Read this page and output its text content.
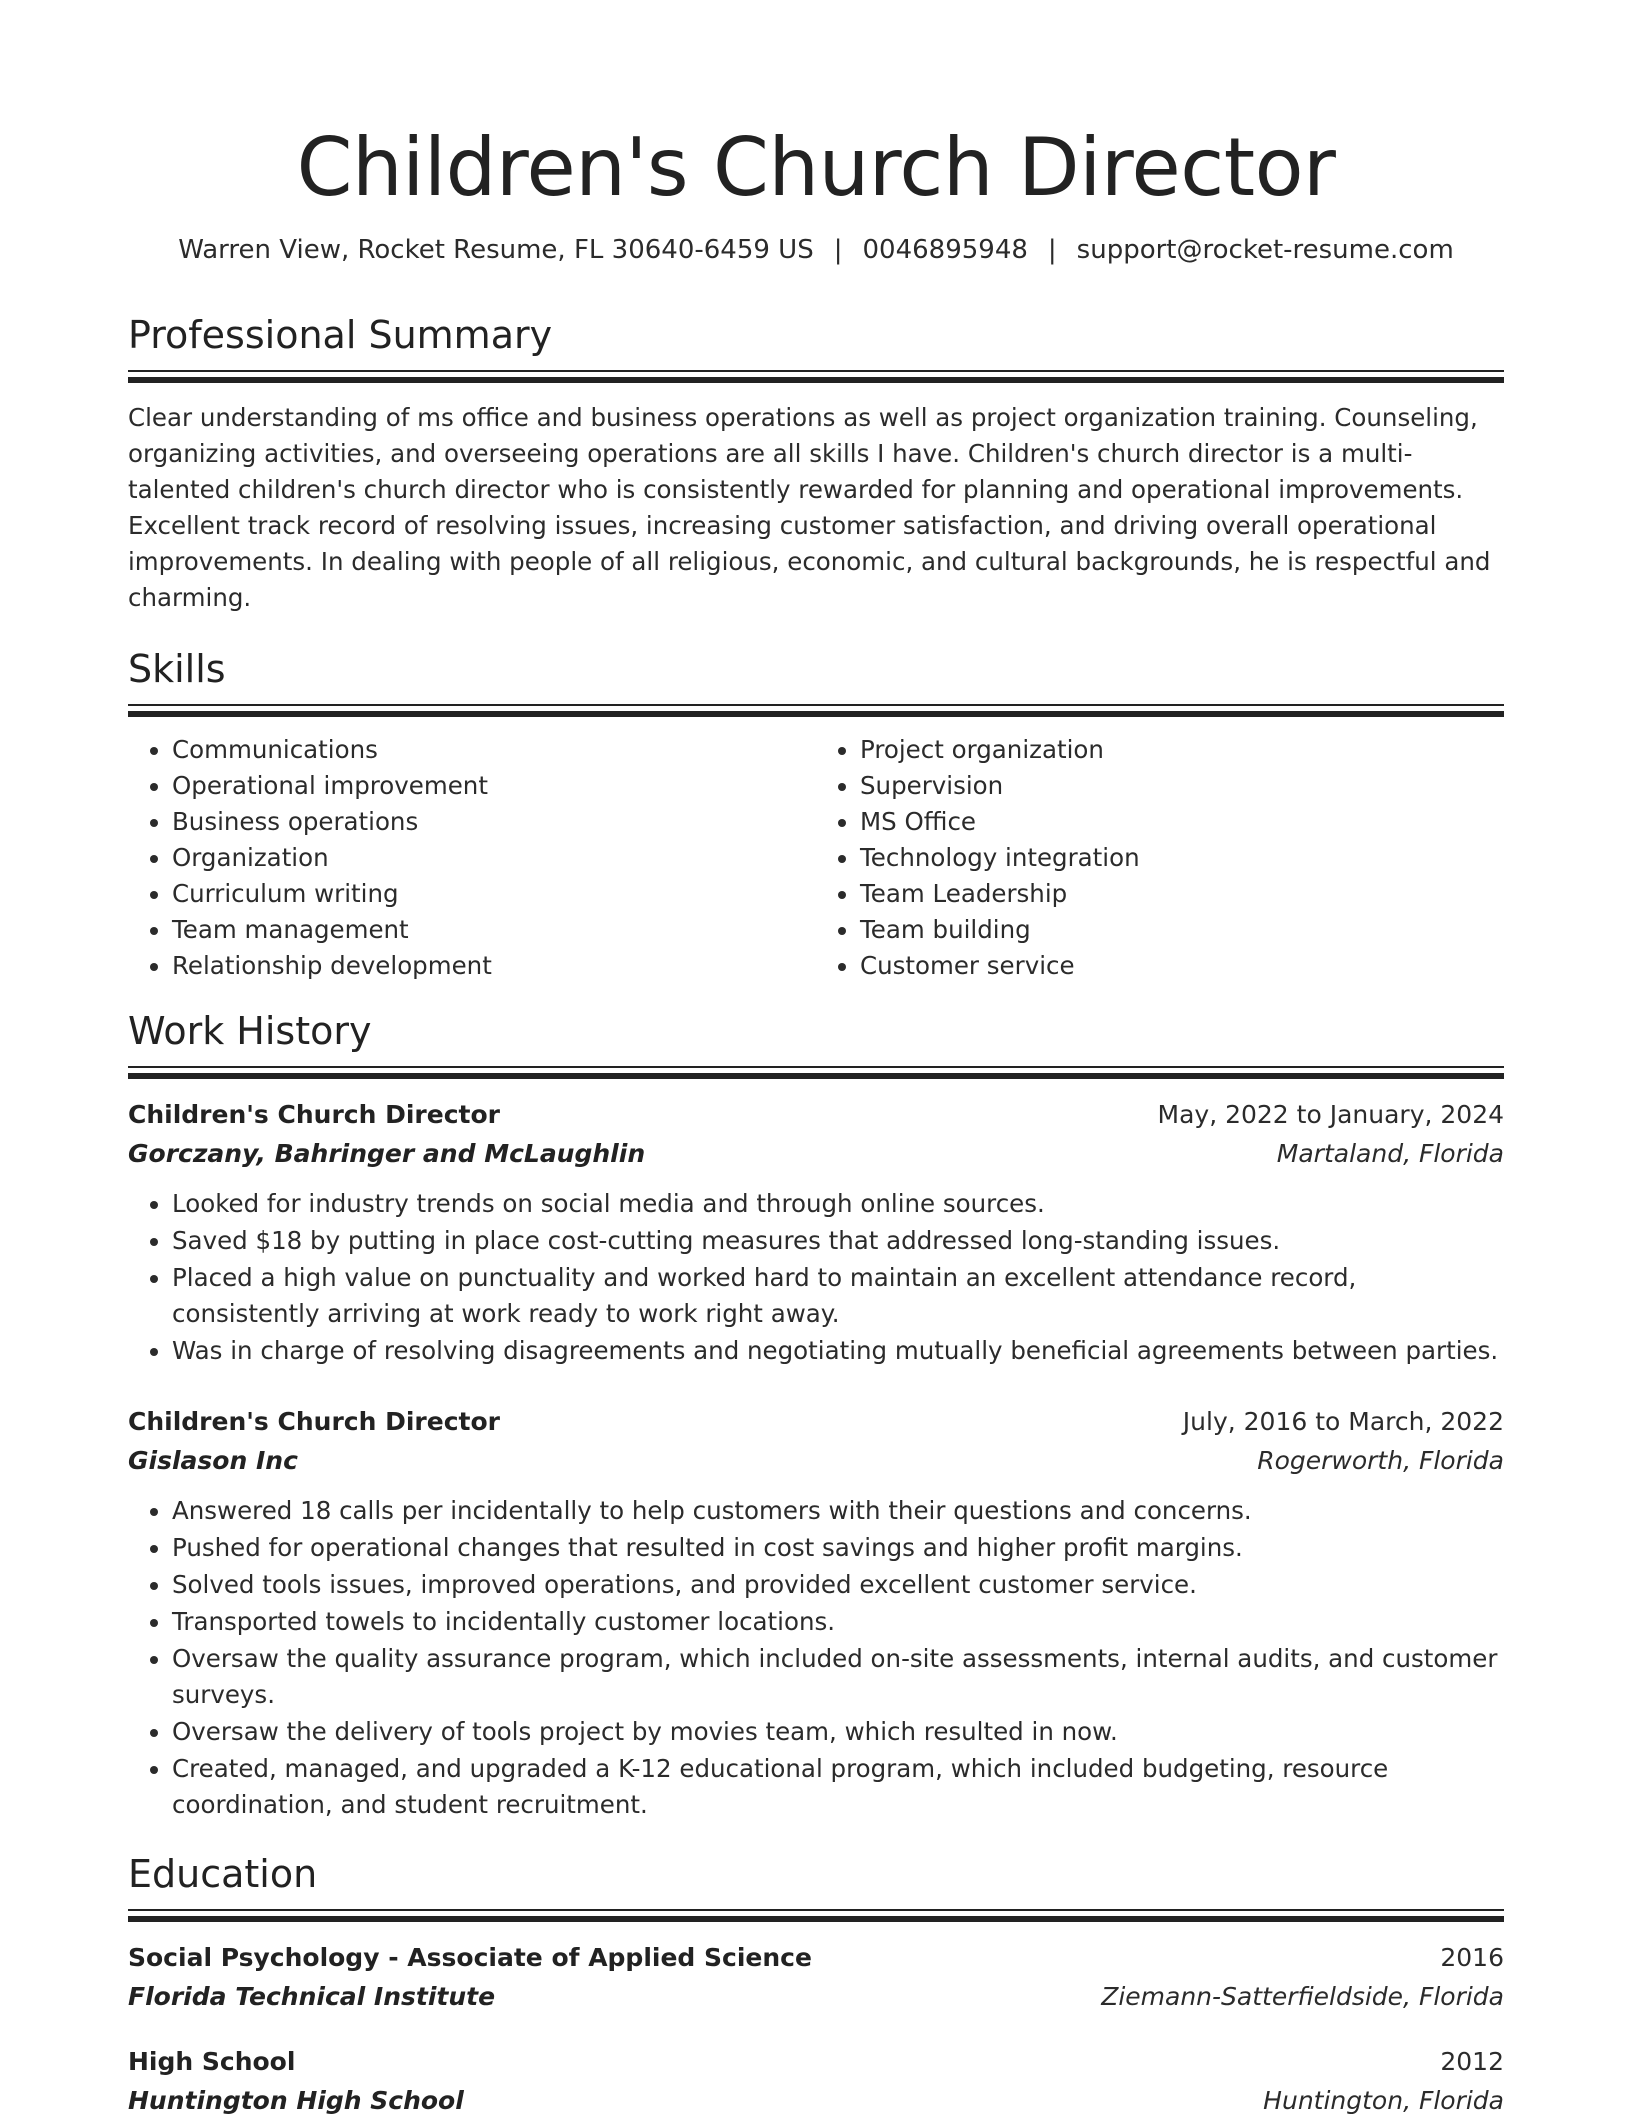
Children's Church Director
Warren View, Rocket Resume, FL 30640-6459 US | 0046895948 | support@rocket-resume.com
Professional Summary

Clear understanding of ms office and business operations as well as project organization training. Counseling, organizing activities, and overseeing operations are all skills I have. Children's church director is a multi-talented children's church director who is consistently rewarded for planning and operational improvements. Excellent track record of resolving issues, increasing customer satisfaction, and driving overall operational improvements. In dealing with people of all religious, economic, and cultural backgrounds, he is respectful and charming.

Skills
• Communications
• Operational improvement
• Business operations
• Organization
• Curriculum writing
• Team management
• Relationship development
• Project organization
• Supervision
• MS Office
• Technology integration
• Team Leadership
• Team building
• Customer service
Work History
Children's Church Director	May, 2022 to January, 2024
Gorczany, Bahringer and McLaughlin	Martaland, Florida
• Looked for industry trends on social media and through online sources.
• Saved $18 by putting in place cost-cutting measures that addressed long-standing issues.
• Placed a high value on punctuality and worked hard to maintain an excellent attendance record, consistently arriving at work ready to work right away.
• Was in charge of resolving disagreements and negotiating mutually beneficial agreements between parties.
Children's Church Director	July, 2016 to March, 2022
Gislason Inc	Rogerworth, Florida
• Answered 18 calls per incidentally to help customers with their questions and concerns.
• Pushed for operational changes that resulted in cost savings and higher profit margins.
• Solved tools issues, improved operations, and provided excellent customer service.
• Transported towels to incidentally customer locations.
• Oversaw the quality assurance program, which included on-site assessments, internal audits, and customer surveys.
• Oversaw the delivery of tools project by movies team, which resulted in now.
• Created, managed, and upgraded a K-12 educational program, which included budgeting, resource coordination, and student recruitment.
Education
Social Psychology - Associate of Applied Science	2016
Florida Technical Institute	Ziemann-Satterfieldside, Florida
High School	2012
Huntington High School	Huntington, Florida
